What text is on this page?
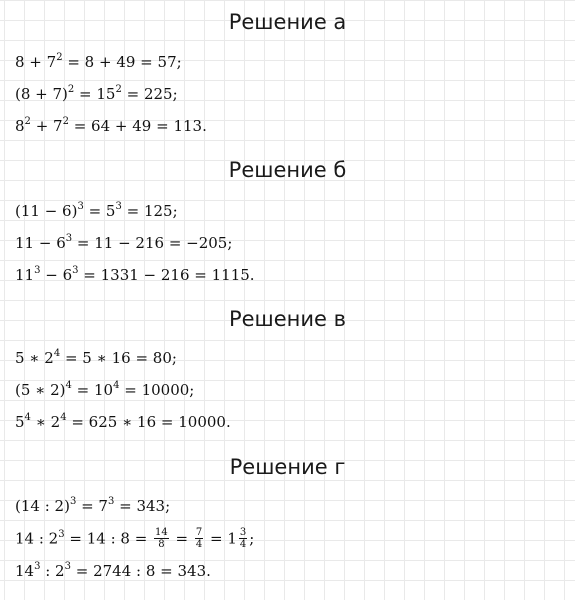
Решение а
$8 + 7^2 = 8 + 49 = 57$;
$(8 + 7)^2 = 15^2 = 225$;
$8^2 + 7^2 = 64 + 49 = 113$.
Решение б
$(11 - 6)^3 = 5^3 = 125$;
$11 - 6^3 = 11 - 216 = -205$;
$11^3 - 6^3 = 1331 - 216 = 1115$.
Решение в
5 ∗ $2^4 = 5$ ∗ 16 = 80;
(5 ∗ $2)^4 = 10^4 = 10000$;
$5^4$ ∗ $2^4 = 625$ ∗ 16 = 10000.
Решение г
(14 : $2)^3 = 7^3 = 343$;
14 : $2^3 = 14$ : $8 = \frac{14}{8} = \frac{7}{4} = 1 \frac{3}{4}$ ;
$14^3$ : $2^3 = 2744$ : 8 = 343.
